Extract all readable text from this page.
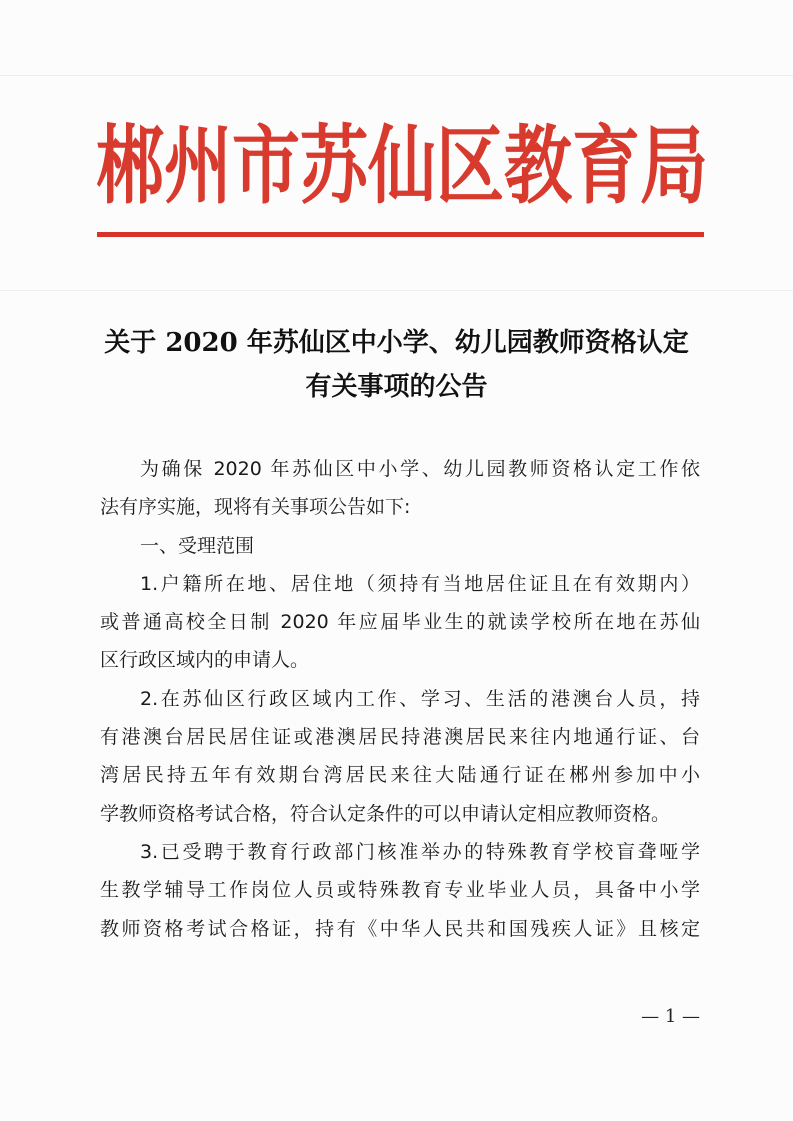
郴州市苏仙区教育局
关于 2020 年苏仙区中小学、幼儿园教师资格认定
有关事项的公告
为确保 2020 年苏仙区中小学、幼儿园教师资格认定工作依
法有序实施，现将有关事项公告如下:
一、受理范围
1.户籍所在地、居住地（须持有当地居住证且在有效期内）
或普通高校全日制 2020 年应届毕业生的就读学校所在地在苏仙
区行政区域内的申请人。
2.在苏仙区行政区域内工作、学习、生活的港澳台人员，持
有港澳台居民居住证或港澳居民持港澳居民来往内地通行证、台
湾居民持五年有效期台湾居民来往大陆通行证在郴州参加中小
学教师资格考试合格，符合认定条件的可以申请认定相应教师资格。
3.已受聘于教育行政部门核准举办的特殊教育学校盲聋哑学
生教学辅导工作岗位人员或特殊教育专业毕业人员，具备中小学
教师资格考试合格证，持有《中华人民共和国残疾人证》且核定
— 1 —
